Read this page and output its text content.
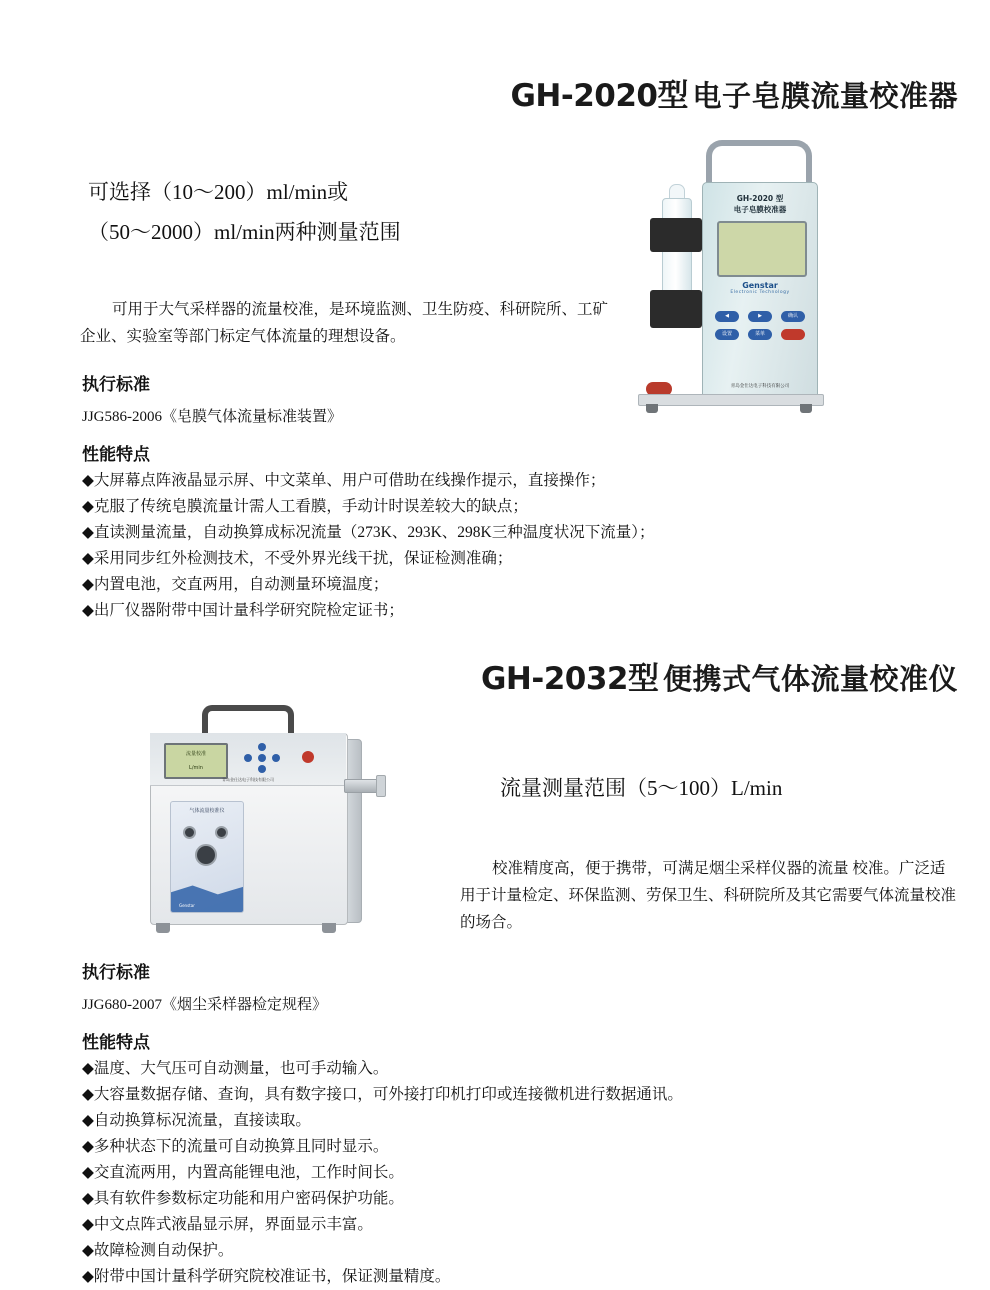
GH-2020型 电子皂膜流量校准器
可选择（10～200）ml/min或
（50～2000）ml/min两种测量范围
可用于大气采样器的流量校准，是环境监测、卫生防疫、科研院所、工矿企业、实验室等部门标定气体流量的理想设备。
执行标准
JJG586-2006《皂膜气体流量标准装置》
性能特点
◆大屏幕点阵液晶显示屏、中文菜单、用户可借助在线操作提示，直接操作；
◆克服了传统皂膜流量计需人工看膜，手动计时误差较大的缺点；
◆直读测量流量，自动换算成标况流量（273K、293K、298K三种温度状况下流量）；
◆采用同步红外检测技术，不受外界光线干扰，保证检测准确；
◆内置电池，交直两用，自动测量环境温度；
◆出厂仪器附带中国计量科学研究院检定证书；
GH-2020 型
电子皂膜校准器
Genstar
Electronic Technology
◀	▶	确认
设置	菜单
青岛金仕达电子科技有限公司
GH-2032型 便携式气体流量校准仪
流量测量范围（5～100）L/min
校准精度高，便于携带，可满足烟尘采样仪器的流量 校准。广泛适用于计量检定、环保监测、劳保卫生、科研院所及其它需要气体流量校准的场合。
执行标准
JJG680-2007《烟尘采样器检定规程》
性能特点
◆温度、大气压可自动测量，也可手动输入。
◆大容量数据存储、查询，具有数字接口，可外接打印机打印或连接微机进行数据通讯。
◆自动换算标况流量，直接读取。
◆多种状态下的流量可自动换算且同时显示。
◆交直流两用，内置高能锂电池，工作时间长。
◆具有软件参数标定功能和用户密码保护功能。
◆中文点阵式液晶显示屏，界面显示丰富。
◆故障检测自动保护。
◆附带中国计量科学研究院校准证书，保证测量精度。
流量校准
L/min
青岛金仕达电子科技有限公司
气体流量校准仪
Genstar
